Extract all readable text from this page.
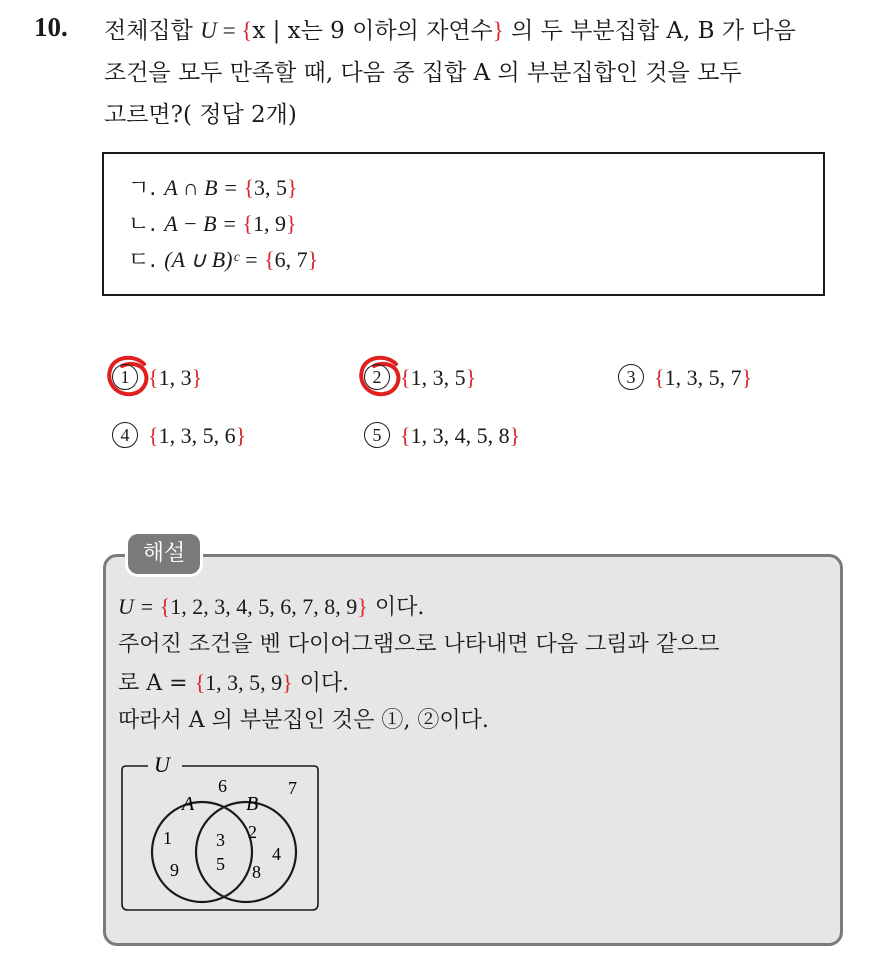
10. 전체집합 U = {x | x는 9 이하의 자연수} 의 두 부분집합 A, B 가 다음
조건을 모두 만족할 때, 다음 중 집합 A 의 부분집합인 것을 모두
고르면?( 정답 2개)
ㄱ. A ∩ B = {3, 5}
ㄴ. A − B = {1, 9}
ㄷ. (A ∪ B)ᶜ = {6, 7}
1 {1, 3}	2 {1, 3, 5}	3 {1, 3, 5, 7}
4 {1, 3, 5, 6}	5 {1, 3, 4, 5, 8}
해설
U = {1, 2, 3, 4, 5, 6, 7, 8, 9} 이다.
주어진 조건을 벤 다이어그램으로 나타내면 다음 그림과 같으므
로 A = {1, 3, 5, 9} 이다.
따라서 A 의 부분집인 것은 ①, ②이다.
U
A	B
6	7
1
9
3
5
2
4
8
